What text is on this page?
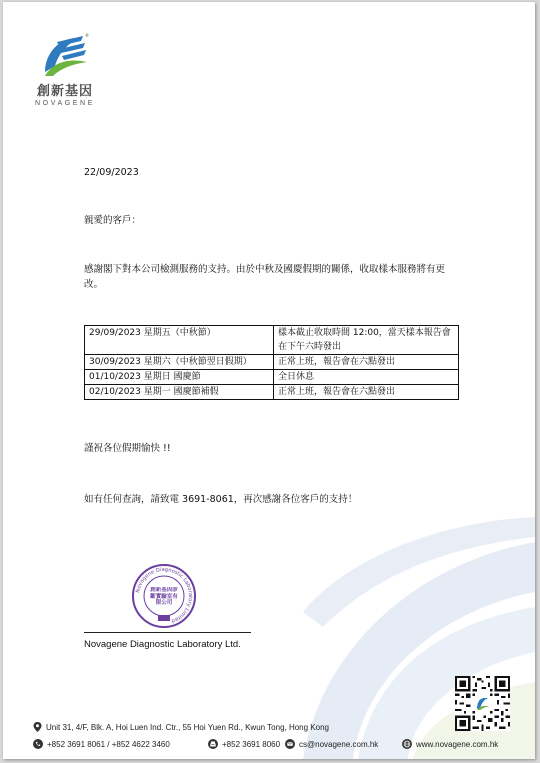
®
創新基因
NOVAGENE
22/09/2023
親愛的客戶：
感謝閣下對本公司檢測服務的支持。由於中秋及國慶假期的關係，收取樣本服務將有更改。
29/09/2023 星期五（中秋節）	樣本截止收取時間 12:00，當天樣本報告會在下午六時發出
30/09/2023 星期六（中秋節翌日假期）	正常上班，報告會在六點發出
01/10/2023 星期日 國慶節	全日休息
02/10/2023 星期一 國慶節補假	正常上班，報告會在六點發出
謹祝各位假期愉快 !!
如有任何查詢，請致電 3691-8061，再次感謝各位客戶的支持！
Novagene Diagnostic Laboratory Limited
創新基因診斷實驗室有限公司
Novagene Diagnostic Laboratory Ltd.
Unit 31, 4/F, Blk. A, Hoi Luen Ind. Ctr., 55 Hoi Yuen Rd., Kwun Tong, Hong Kong
+852 3691 8061 / +852 4622 3460	+852 3691 8060 cs@novagene.com.hk	www.novagene.com.hk
